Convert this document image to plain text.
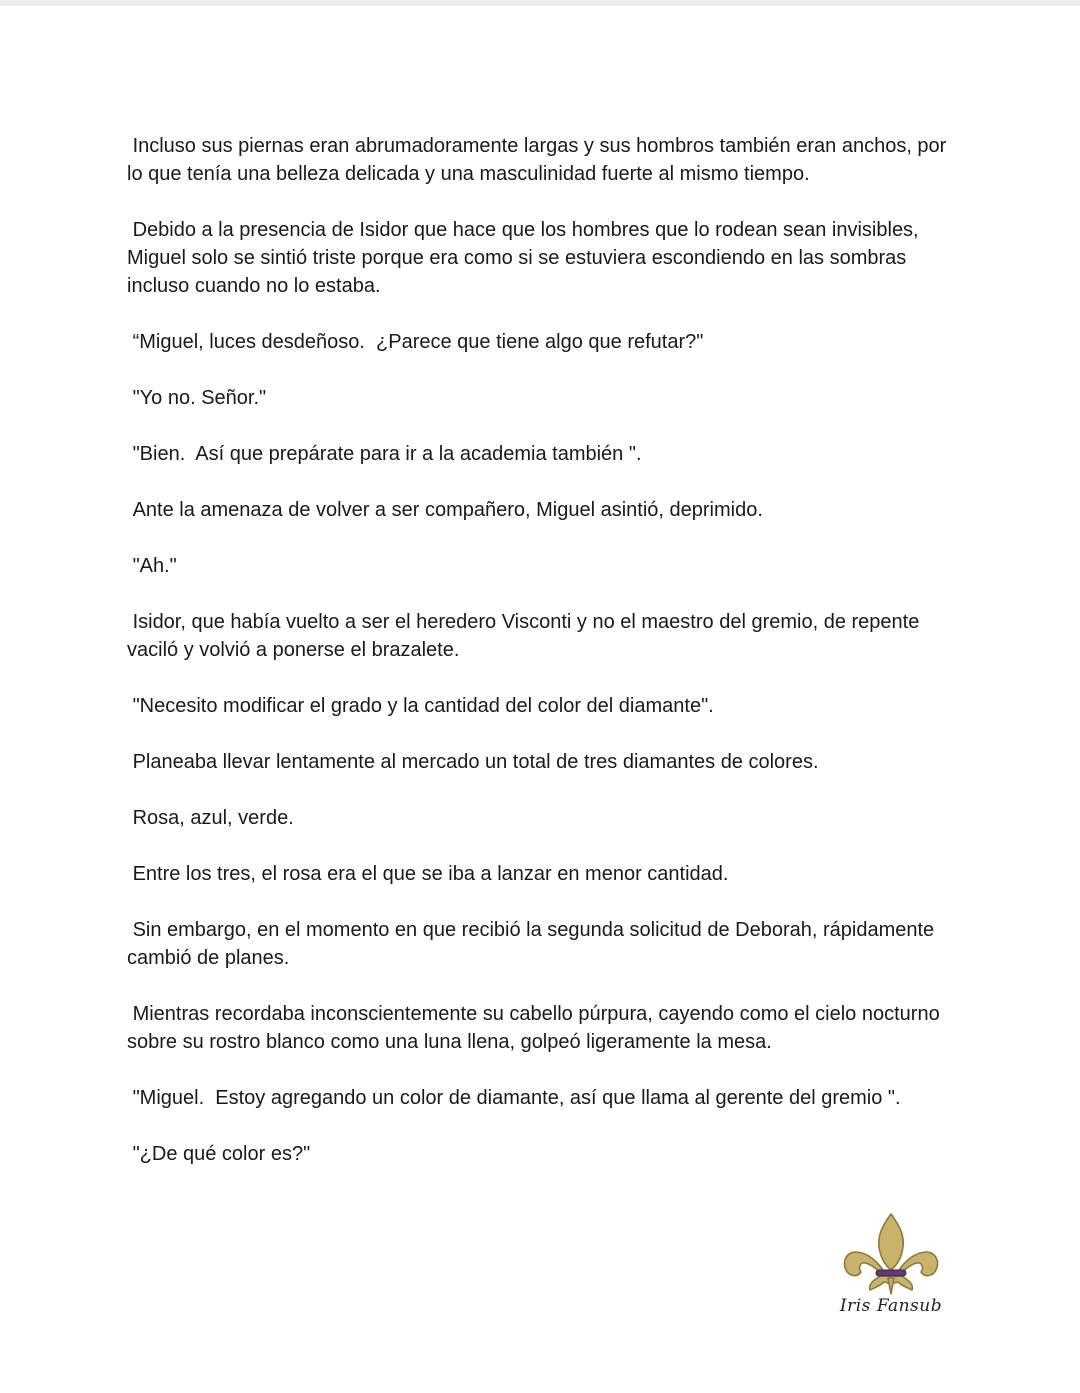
Incluso sus piernas eran abrumadoramente largas y sus hombros también eran anchos, por lo que tenía una belleza delicada y una masculinidad fuerte al mismo tiempo.

Debido a la presencia de Isidor que hace que los hombres que lo rodean sean invisibles, Miguel solo se sintió triste porque era como si se estuviera escondiendo en las sombras incluso cuando no lo estaba.

“Miguel, luces desdeñoso.  ¿Parece que tiene algo que refutar?"

"Yo no. Señor."

"Bien.  Así que prepárate para ir a la academia también ".

Ante la amenaza de volver a ser compañero, Miguel asintió, deprimido.

"Ah."

Isidor, que había vuelto a ser el heredero Visconti y no el maestro del gremio, de repente vaciló y volvió a ponerse el brazalete.

"Necesito modificar el grado y la cantidad del color del diamante".

Planeaba llevar lentamente al mercado un total de tres diamantes de colores.

Rosa, azul, verde.

Entre los tres, el rosa era el que se iba a lanzar en menor cantidad.

Sin embargo, en el momento en que recibió la segunda solicitud de Deborah, rápidamente cambió de planes.

Mientras recordaba inconscientemente su cabello púrpura, cayendo como el cielo nocturno sobre su rostro blanco como una luna llena, golpeó ligeramente la mesa.

"Miguel.  Estoy agregando un color de diamante, así que llama al gerente del gremio ".

"¿De qué color es?"

Iris Fansub
